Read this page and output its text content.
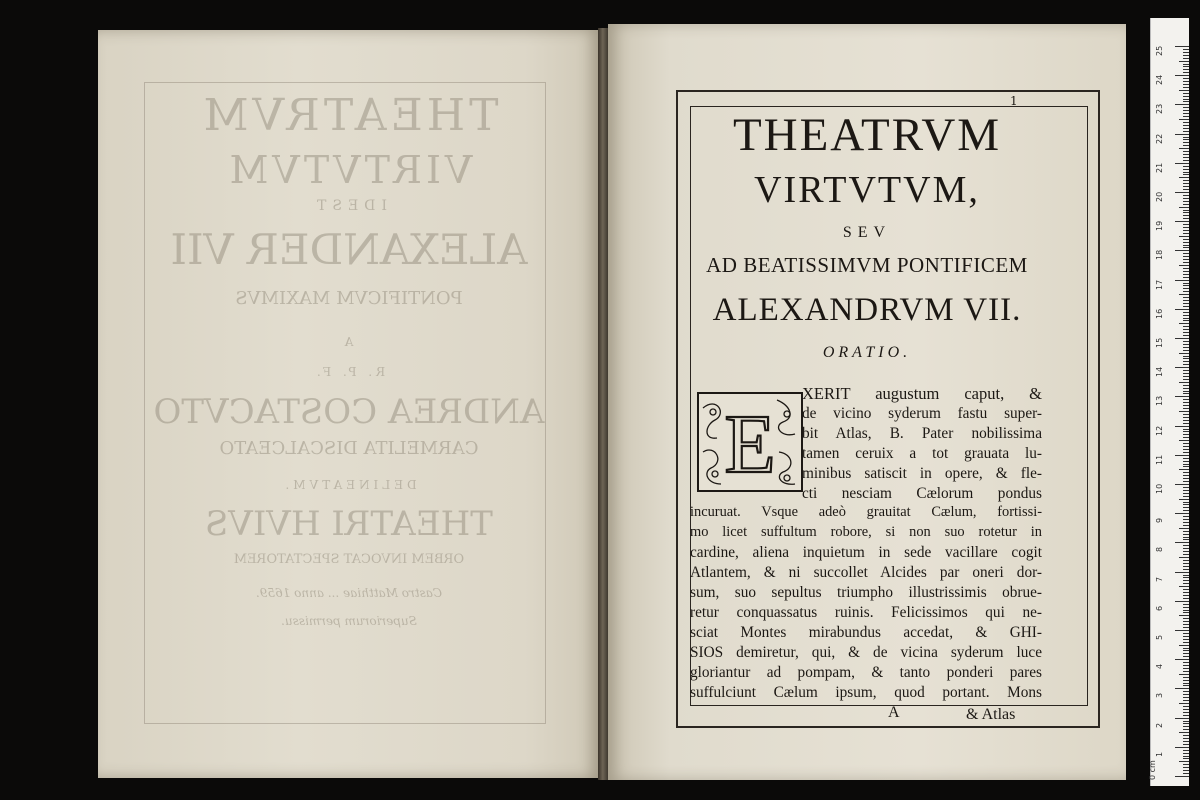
THEATRVM
VIRTVTVM
IDEST
ALEXANDER VII
PONTIFICVM MAXIMVS
A
R. P. F.
ANDREA COSTACVTO
CARMELITA DISCALCEATO
DELINEATVM.
THEATRI HVIVS
ORBEM INVOCAT SPECTATOREM
Castro Matthiae ... anno 1659.
Superiorum permissu.
1
THEATRVM
VIRTVTVM,
SEV
AD BEATISSIMVM PONTIFICEM
ALEXANDRVM VII.
ORATIO.
E
XERIT augustum caput, &
de vicino syderum fastu super-
bit Atlas, B. Pater nobilissima
tamen ceruix a tot grauata lu-
minibus satiscit in opere, & fle-
cti nesciam Cælorum pondus
incuruat. Vsque adeò grauitat Cælum, fortissi-
mo licet suffultum robore, si non suo rotetur in
cardine, aliena inquietum in sede vacillare cogit
Atlantem, & ni succollet Alcides par oneri dor-
sum, suo sepultus triumpho illustrissimis obrue-
retur conquassatus ruinis. Felicissimos qui ne-
sciat Montes mirabundus accedat, & GHI-
SIOS demiretur, qui, & de vicina syderum luce
gloriantur ad pompam, & tanto ponderi pares
suffulciunt Cælum ipsum, quod portant. Mons
A	& Atlas
0 cm
25
24
23
22
21
20
19
18
17
16
15
14
13
12
11
10
9
8
7
6
5
4
3
2
1
